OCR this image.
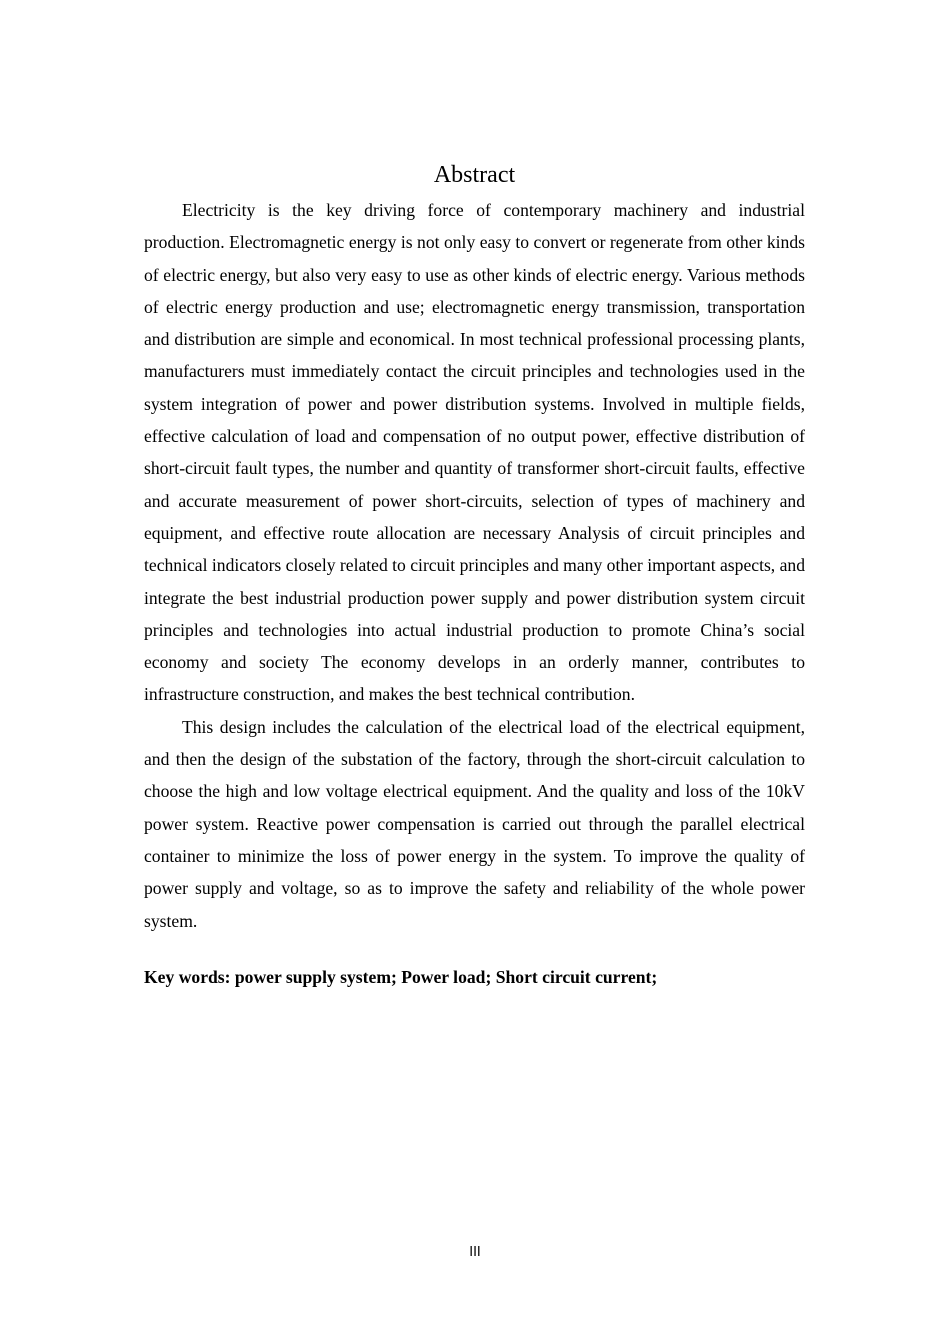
Abstract

Electricity is the key driving force of contemporary machinery and industrial production. Electromagnetic energy is not only easy to convert or regenerate from other kinds of electric energy, but also very easy to use as other kinds of electric energy. Various methods of electric energy production and use; electromagnetic energy transmission, transportation and distribution are simple and economical. In most technical professional processing plants, manufacturers must immediately contact the circuit principles and technologies used in the system integration of power and power distribution systems. Involved in multiple fields, effective calculation of load and compensation of no output power, effective distribution of short-circuit fault types, the number and quantity of transformer short-circuit faults, effective and accurate measurement of power short-circuits, selection of types of machinery and equipment, and effective route allocation are necessary Analysis of circuit principles and technical indicators closely related to circuit principles and many other important aspects, and integrate the best industrial production power supply and power distribution system circuit principles and technologies into actual industrial production to promote China’s social economy and society The economy develops in an orderly manner, contributes to infrastructure construction, and makes the best technical contribution.

This design includes the calculation of the electrical load of the electrical equipment, and then the design of the substation of the factory, through the short-circuit calculation to choose the high and low voltage electrical equipment. And the quality and loss of the 10kV power system. Reactive power compensation is carried out through the parallel electrical container to minimize the loss of power energy in the system. To improve the quality of power supply and voltage, so as to improve the safety and reliability of the whole power system.

Key words: power supply system; Power load; Short circuit current;

III
